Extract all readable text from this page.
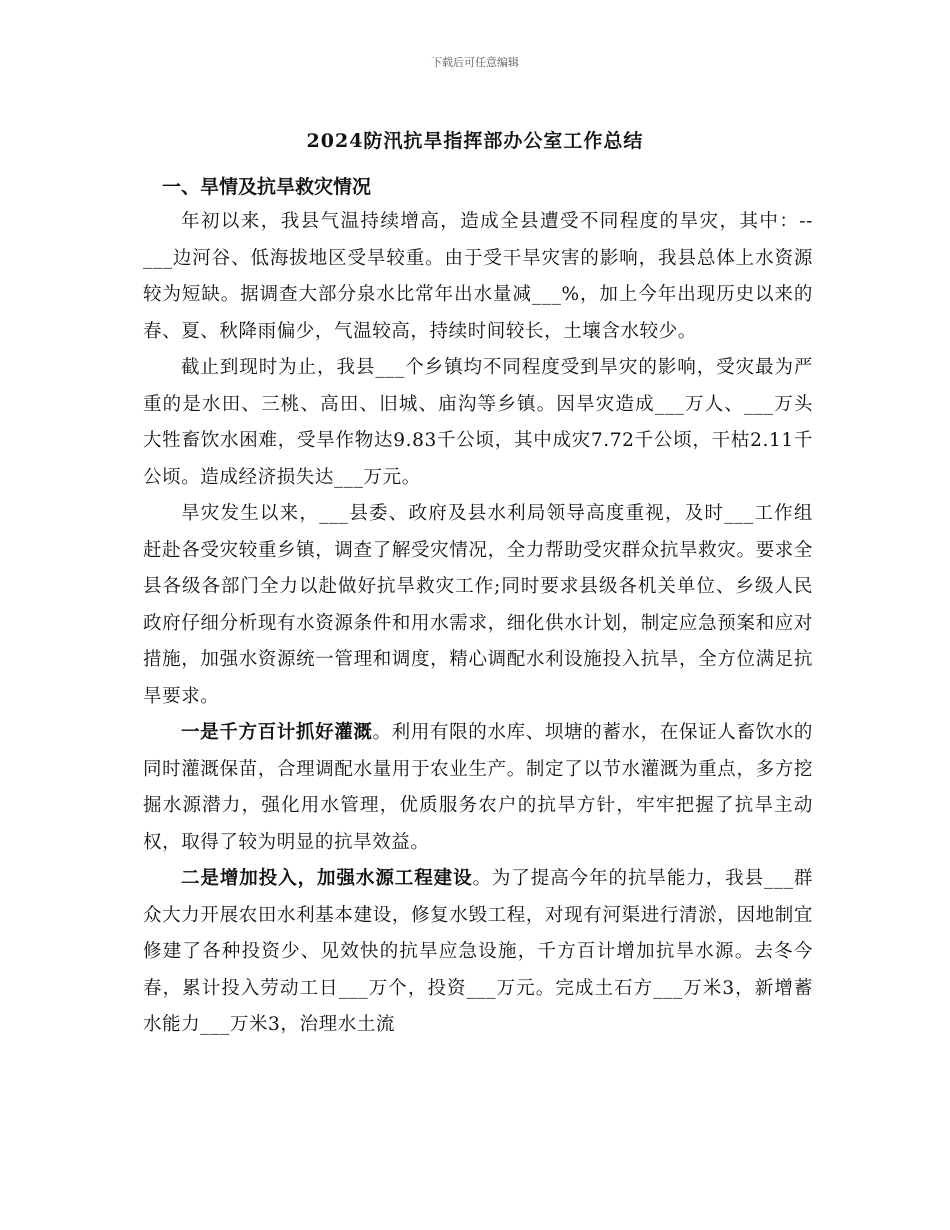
下载后可任意编辑
2024防汛抗旱指挥部办公室工作总结

一、旱情及抗旱救灾情况

年初以来，我县气温持续增高，造成全县遭受不同程度的旱灾，其中：--___边河谷、低海拔地区受旱较重。由于受干旱灾害的影响，我县总体上水资源较为短缺。据调查大部分泉水比常年出水量减___%，加上今年出现历史以来的春、夏、秋降雨偏少，气温较高，持续时间较长，土壤含水较少。

截止到现时为止，我县___个乡镇均不同程度受到旱灾的影响，受灾最为严重的是水田、三桃、高田、旧城、庙沟等乡镇。因旱灾造成___万人、___万头大牲畜饮水困难，受旱作物达9.83千公顷，其中成灾7.72千公顷，干枯2.11千公顷。造成经济损失达___万元。

旱灾发生以来，___县委、政府及县水利局领导高度重视，及时___工作组赶赴各受灾较重乡镇，调查了解受灾情况，全力帮助受灾群众抗旱救灾。要求全县各级各部门全力以赴做好抗旱救灾工作;同时要求县级各机关单位、乡级人民政府仔细分析现有水资源条件和用水需求，细化供水计划，制定应急预案和应对措施，加强水资源统一管理和调度，精心调配水利设施投入抗旱，全方位满足抗旱要求。

一是千方百计抓好灌溉。利用有限的水库、坝塘的蓄水，在保证人畜饮水的同时灌溉保苗，合理调配水量用于农业生产。制定了以节水灌溉为重点，多方挖掘水源潜力，强化用水管理，优质服务农户的抗旱方针，牢牢把握了抗旱主动权，取得了较为明显的抗旱效益。

二是增加投入，加强水源工程建设。为了提高今年的抗旱能力，我县___群众大力开展农田水利基本建设，修复水毁工程，对现有河渠进行清淤，因地制宜修建了各种投资少、见效快的抗旱应急设施，千方百计增加抗旱水源。去冬今春，累计投入劳动工日___万个，投资___万元。完成土石方___万米3，新增蓄水能力___万米3，治理水土流
